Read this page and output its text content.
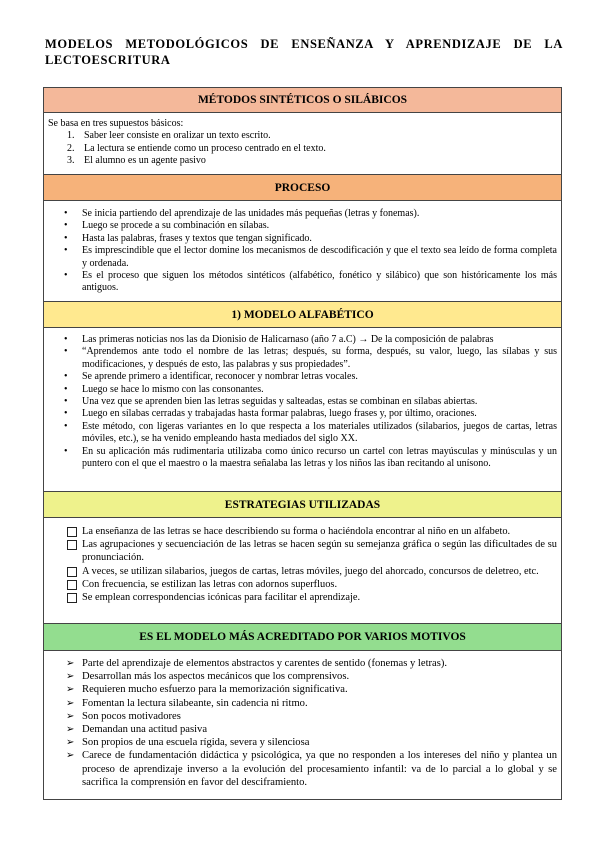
MODELOS METODOLÓGICOS DE ENSEÑANZA Y APRENDIZAJE DE LA LECTOESCRITURA
MÉTODOS SINTÉTICOS O SILÁBICOS
Se basa en tres supuestos básicos:
1. Saber leer consiste en oralizar un texto escrito.
2. La lectura se entiende como un proceso centrado en el texto.
3. El alumno es un agente pasivo
PROCESO
• Se inicia partiendo del aprendizaje de las unidades más pequeñas (letras y fonemas).
• Luego se procede a su combinación en sílabas.
• Hasta las palabras, frases y textos que tengan significado.
• Es imprescindible que el lector domine los mecanismos de descodificación y que el texto sea leído de forma completa y ordenada.
• Es el proceso que siguen los métodos sintéticos (alfabético, fonético y silábico) que son históricamente los más antiguos.
1) MODELO ALFABÉTICO
• Las primeras noticias nos las da Dionisio de Halicarnaso (año 7 a.C) → De la composición de palabras
• “Aprendemos ante todo el nombre de las letras; después, su forma, después, su valor, luego, las sílabas y sus modificaciones, y después de esto, las palabras y sus propiedades”.
• Se aprende primero a identificar, reconocer y nombrar letras vocales.
• Luego se hace lo mismo con las consonantes.
• Una vez que se aprenden bien las letras seguidas y salteadas, estas se combinan en sílabas abiertas.
• Luego en sílabas cerradas y trabajadas hasta formar palabras, luego frases y, por último, oraciones.
• Este método, con ligeras variantes en lo que respecta a los materiales utilizados (silabarios, juegos de cartas, letras móviles, etc.), se ha venido empleando hasta mediados del siglo XX.
• En su aplicación más rudimentaria utilizaba como único recurso un cartel con letras mayúsculas y minúsculas y un puntero con el que el maestro o la maestra señalaba las letras y los niños las iban recitando al unísono.
ESTRATEGIAS UTILIZADAS
La enseñanza de las letras se hace describiendo su forma o haciéndola encontrar al niño en un alfabeto.
Las agrupaciones y secuenciación de las letras se hacen según su semejanza gráfica o según las dificultades de su pronunciación.
A veces, se utilizan silabarios, juegos de cartas, letras móviles, juego del ahorcado, concursos de deletreo, etc.
Con frecuencia, se estilizan las letras con adornos superfluos.
Se emplean correspondencias icónicas para facilitar el aprendizaje.
ES EL MODELO MÁS ACREDITADO POR VARIOS MOTIVOS
➢ Parte del aprendizaje de elementos abstractos y carentes de sentido (fonemas y letras).
➢ Desarrollan más los aspectos mecánicos que los comprensivos.
➢ Requieren mucho esfuerzo para la memorización significativa.
➢ Fomentan la lectura silabeante, sin cadencia ni ritmo.
➢ Son pocos motivadores
➢ Demandan una actitud pasiva
➢ Son propios de una escuela rígida, severa y silenciosa
➢ Carece de fundamentación didáctica y psicológica, ya que no responden a los intereses del niño y plantea un proceso de aprendizaje inverso a la evolución del procesamiento infantil: va de lo parcial a lo global y se sacrifica la comprensión en favor del desciframiento.
